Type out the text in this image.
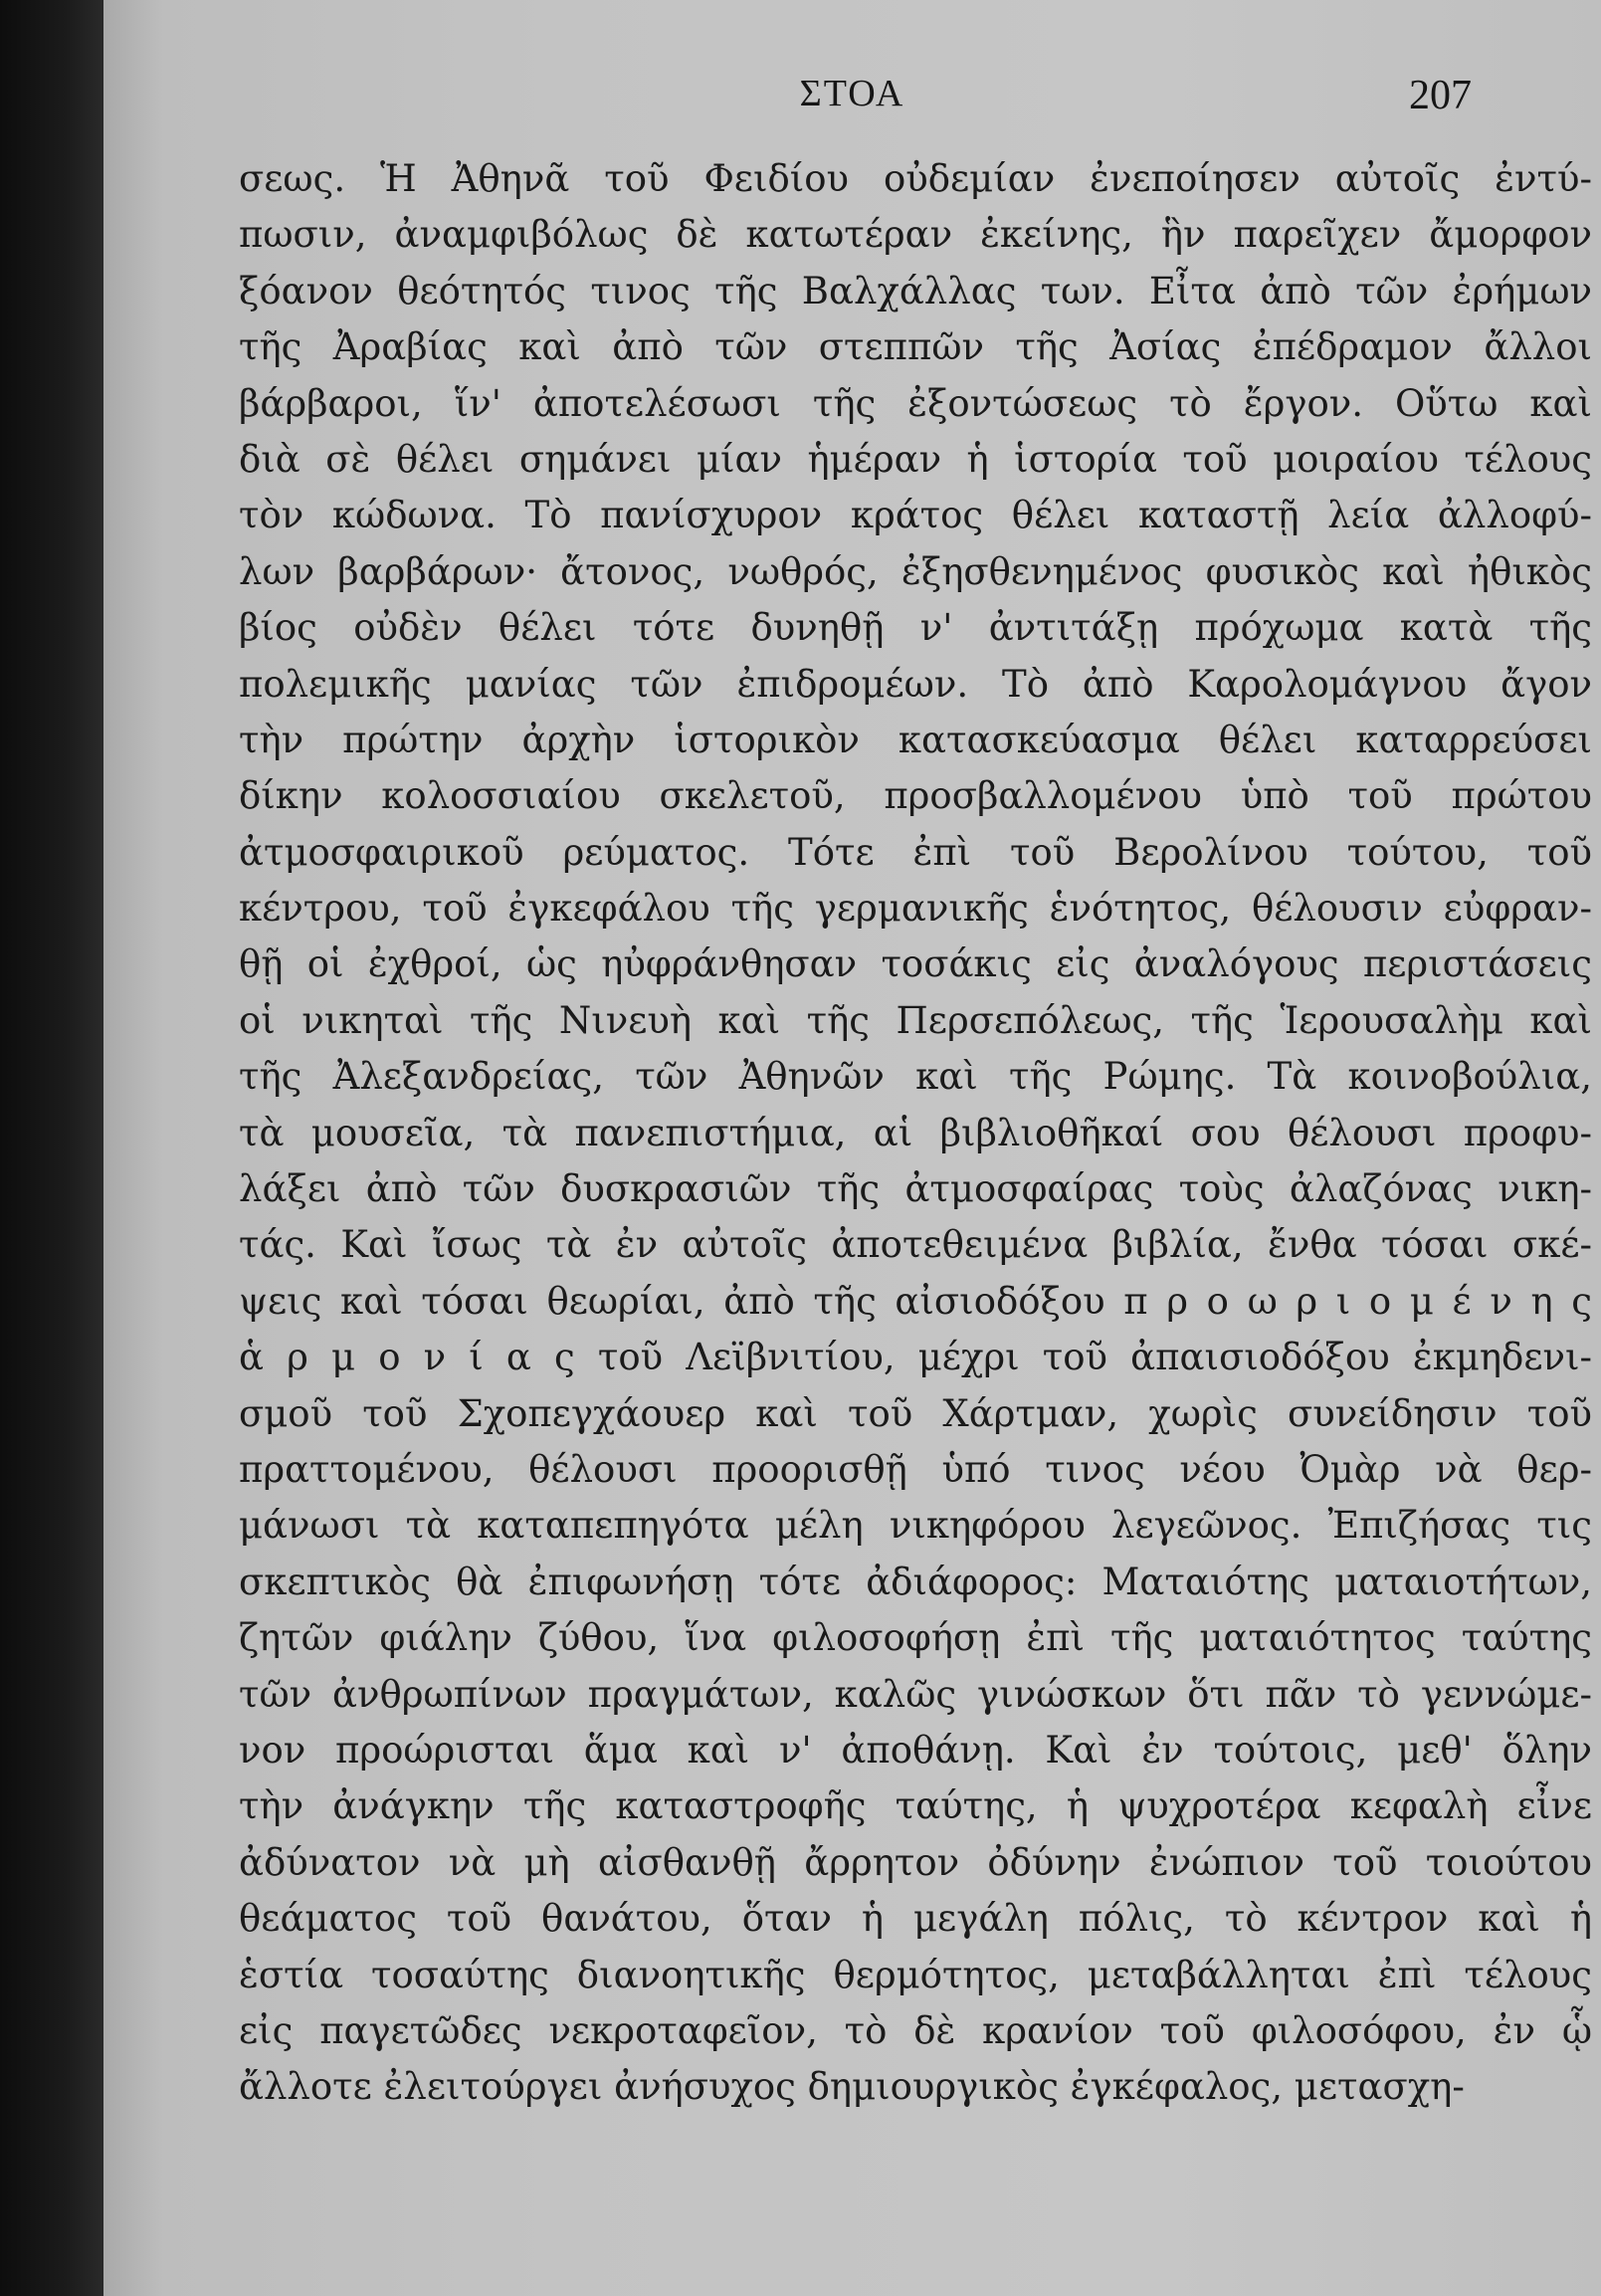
ΣΤΟΑ	207
σεως. Ἡ Ἀθηνᾶ τοῦ Φειδίου οὐδεμίαν ἐνεποίησεν αὐτοῖς ἐντύ-
πωσιν, ἀναμφιβόλως δὲ κατωτέραν ἐκείνης, ἣν παρεῖχεν ἄμορφον
ξόανον θεότητός τινος τῆς Βαλχάλλας των. Εἶτα ἀπὸ τῶν ἐρήμων
τῆς Ἀραβίας καὶ ἀπὸ τῶν στεππῶν τῆς Ἀσίας ἐπέδραμον ἄλλοι
βάρβαροι, ἵν' ἀποτελέσωσι τῆς ἐξοντώσεως τὸ ἔργον. Οὕτω καὶ
διὰ σὲ θέλει σημάνει μίαν ἡμέραν ἡ ἱστορία τοῦ μοιραίου τέλους
τὸν κώδωνα. Τὸ πανίσχυρον κράτος θέλει καταστῇ λεία ἀλλοφύ-
λων βαρβάρων· ἄτονος, νωθρός, ἐξησθενημένος φυσικὸς καὶ ἠθικὸς
βίος οὐδὲν θέλει τότε δυνηθῇ ν' ἀντιτάξῃ πρόχωμα κατὰ τῆς
πολεμικῆς μανίας τῶν ἐπιδρομέων. Τὸ ἀπὸ Καρολομάγνου ἄγον
τὴν πρώτην ἀρχὴν ἱστορικὸν κατασκεύασμα θέλει καταρρεύσει
δίκην κολοσσιαίου σκελετοῦ, προσβαλλομένου ὑπὸ τοῦ πρώτου
ἀτμοσφαιρικοῦ ρεύματος. Τότε ἐπὶ τοῦ Βερολίνου τούτου, τοῦ
κέντρου, τοῦ ἐγκεφάλου τῆς γερμανικῆς ἑνότητος, θέλουσιν εὐφραν-
θῇ οἱ ἐχθροί, ὡς ηὐφράνθησαν τοσάκις εἰς ἀναλόγους περιστάσεις
οἱ νικηταὶ τῆς Νινευὴ καὶ τῆς Περσεπόλεως, τῆς Ἱερουσαλὴμ καὶ
τῆς Ἀλεξανδρείας, τῶν Ἀθηνῶν καὶ τῆς Ρώμης. Τὰ κοινοβούλια,
τὰ μουσεῖα, τὰ πανεπιστήμια, αἱ βιβλιοθῆκαί σου θέλουσι προφυ-
λάξει ἀπὸ τῶν δυσκρασιῶν τῆς ἀτμοσφαίρας τοὺς ἀλαζόνας νικη-
τάς. Καὶ ἴσως τὰ ἐν αὐτοῖς ἀποτεθειμένα βιβλία, ἔνθα τόσαι σκέ-
ψεις καὶ τόσαι θεωρίαι, ἀπὸ τῆς αἰσιοδόξου π ρ ο ω ρ ι ο μ έ ν η ς
ἁ ρ μ ο ν ί α ς τοῦ Λεϊβνιτίου, μέχρι τοῦ ἀπαισιοδόξου ἐκμηδενι-
σμοῦ τοῦ Σχοπεγχάουερ καὶ τοῦ Χάρτμαν, χωρὶς συνείδησιν τοῦ
πραττομένου, θέλουσι προορισθῇ ὑπό τινος νέου Ὀμὰρ νὰ θερ-
μάνωσι τὰ καταπεπηγότα μέλη νικηφόρου λεγεῶνος. Ἐπιζήσας τις
σκεπτικὸς θὰ ἐπιφωνήσῃ τότε ἀδιάφορος: Ματαιότης ματαιοτήτων,
ζητῶν φιάλην ζύθου, ἵνα φιλοσοφήσῃ ἐπὶ τῆς ματαιότητος ταύτης
τῶν ἀνθρωπίνων πραγμάτων, καλῶς γινώσκων ὅτι πᾶν τὸ γεννώμε-
νον προώρισται ἅμα καὶ ν' ἀποθάνῃ. Καὶ ἐν τούτοις, μεθ' ὅλην
τὴν ἀνάγκην τῆς καταστροφῆς ταύτης, ἡ ψυχροτέρα κεφαλὴ εἶνε
ἀδύνατον νὰ μὴ αἰσθανθῇ ἄρρητον ὀδύνην ἐνώπιον τοῦ τοιούτου
θεάματος τοῦ θανάτου, ὅταν ἡ μεγάλη πόλις, τὸ κέντρον καὶ ἡ
ἑστία τοσαύτης διανοητικῆς θερμότητος, μεταβάλληται ἐπὶ τέλους
εἰς παγετῶδες νεκροταφεῖον, τὸ δὲ κρανίον τοῦ φιλοσόφου, ἐν ᾧ
ἄλλοτε ἐλειτούργει ἀνήσυχος δημιουργικὸς ἐγκέφαλος, μετασχη-
